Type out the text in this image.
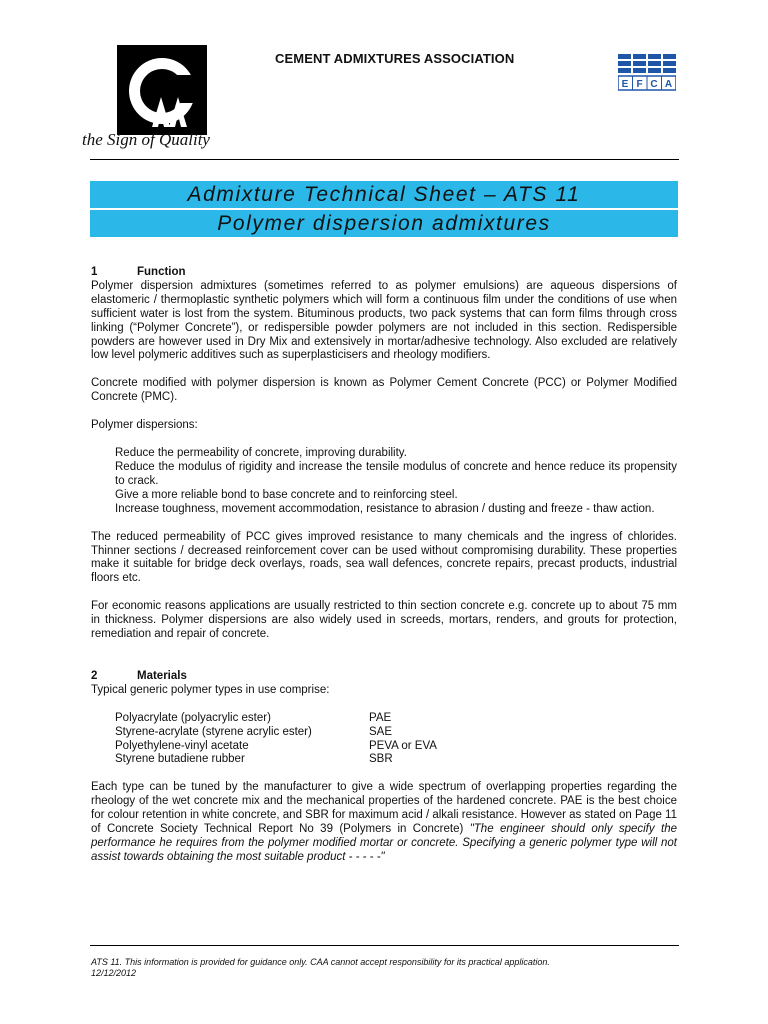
the Sign of Quality
CEMENT ADMIXTURES ASSOCIATION
E F C A
Admixture Technical Sheet – ATS 11
Polymer dispersion admixtures
1	Function

Polymer dispersion admixtures (sometimes referred to as polymer emulsions) are aqueous dispersions of elastomeric / thermoplastic synthetic polymers which will form a continuous film under the conditions of use when sufficient water is lost from the system. Bituminous products, two pack systems that can form films through cross linking (“Polymer Concrete”), or redispersible powder polymers are not included in this section. Redispersible powders are however used in Dry Mix and extensively in mortar/adhesive technology. Also excluded are relatively low level polymeric additives such as superplasticisers and rheology modifiers.

Concrete modified with polymer dispersion is known as Polymer Cement Concrete (PCC) or Polymer Modified Concrete (PMC).

Polymer dispersions:

Reduce the permeability of concrete, improving durability.
Reduce the modulus of rigidity and increase the tensile modulus of concrete and hence reduce its propensity to crack.
Give a more reliable bond to base concrete and to reinforcing steel.
Increase toughness, movement accommodation, resistance to abrasion / dusting and freeze - thaw action.

The reduced permeability of PCC gives improved resistance to many chemicals and the ingress of chlorides. Thinner sections / decreased reinforcement cover can be used without compromising durability. These properties make it suitable for bridge deck overlays, roads, sea wall defences, concrete repairs, precast products, industrial floors etc.

For economic reasons applications are usually restricted to thin section concrete e.g. concrete up to about 75 mm in thickness. Polymer dispersions are also widely used in screeds, mortars, renders, and grouts for protection, remediation and repair of concrete.

2	Materials

Typical generic polymer types in use comprise:

Polyacrylate (polyacrylic ester)	PAE
Styrene-acrylate (styrene acrylic ester)	SAE
Polyethylene-vinyl acetate	PEVA or EVA
Styrene butadiene rubber	SBR

Each type can be tuned by the manufacturer to give a wide spectrum of overlapping properties regarding the rheology of the wet concrete mix and the mechanical properties of the hardened concrete. PAE is the best choice for colour retention in white concrete, and SBR for maximum acid / alkali resistance. However as stated on Page 11 of Concrete Society Technical Report No 39 (Polymers in Concrete) "The engineer should only specify the performance he requires from the polymer modified mortar or concrete. Specifying a generic polymer type will not assist towards obtaining the most suitable product - - - - -"

ATS 11. This information is provided for guidance only. CAA cannot accept responsibility for its practical application.
12/12/2012
